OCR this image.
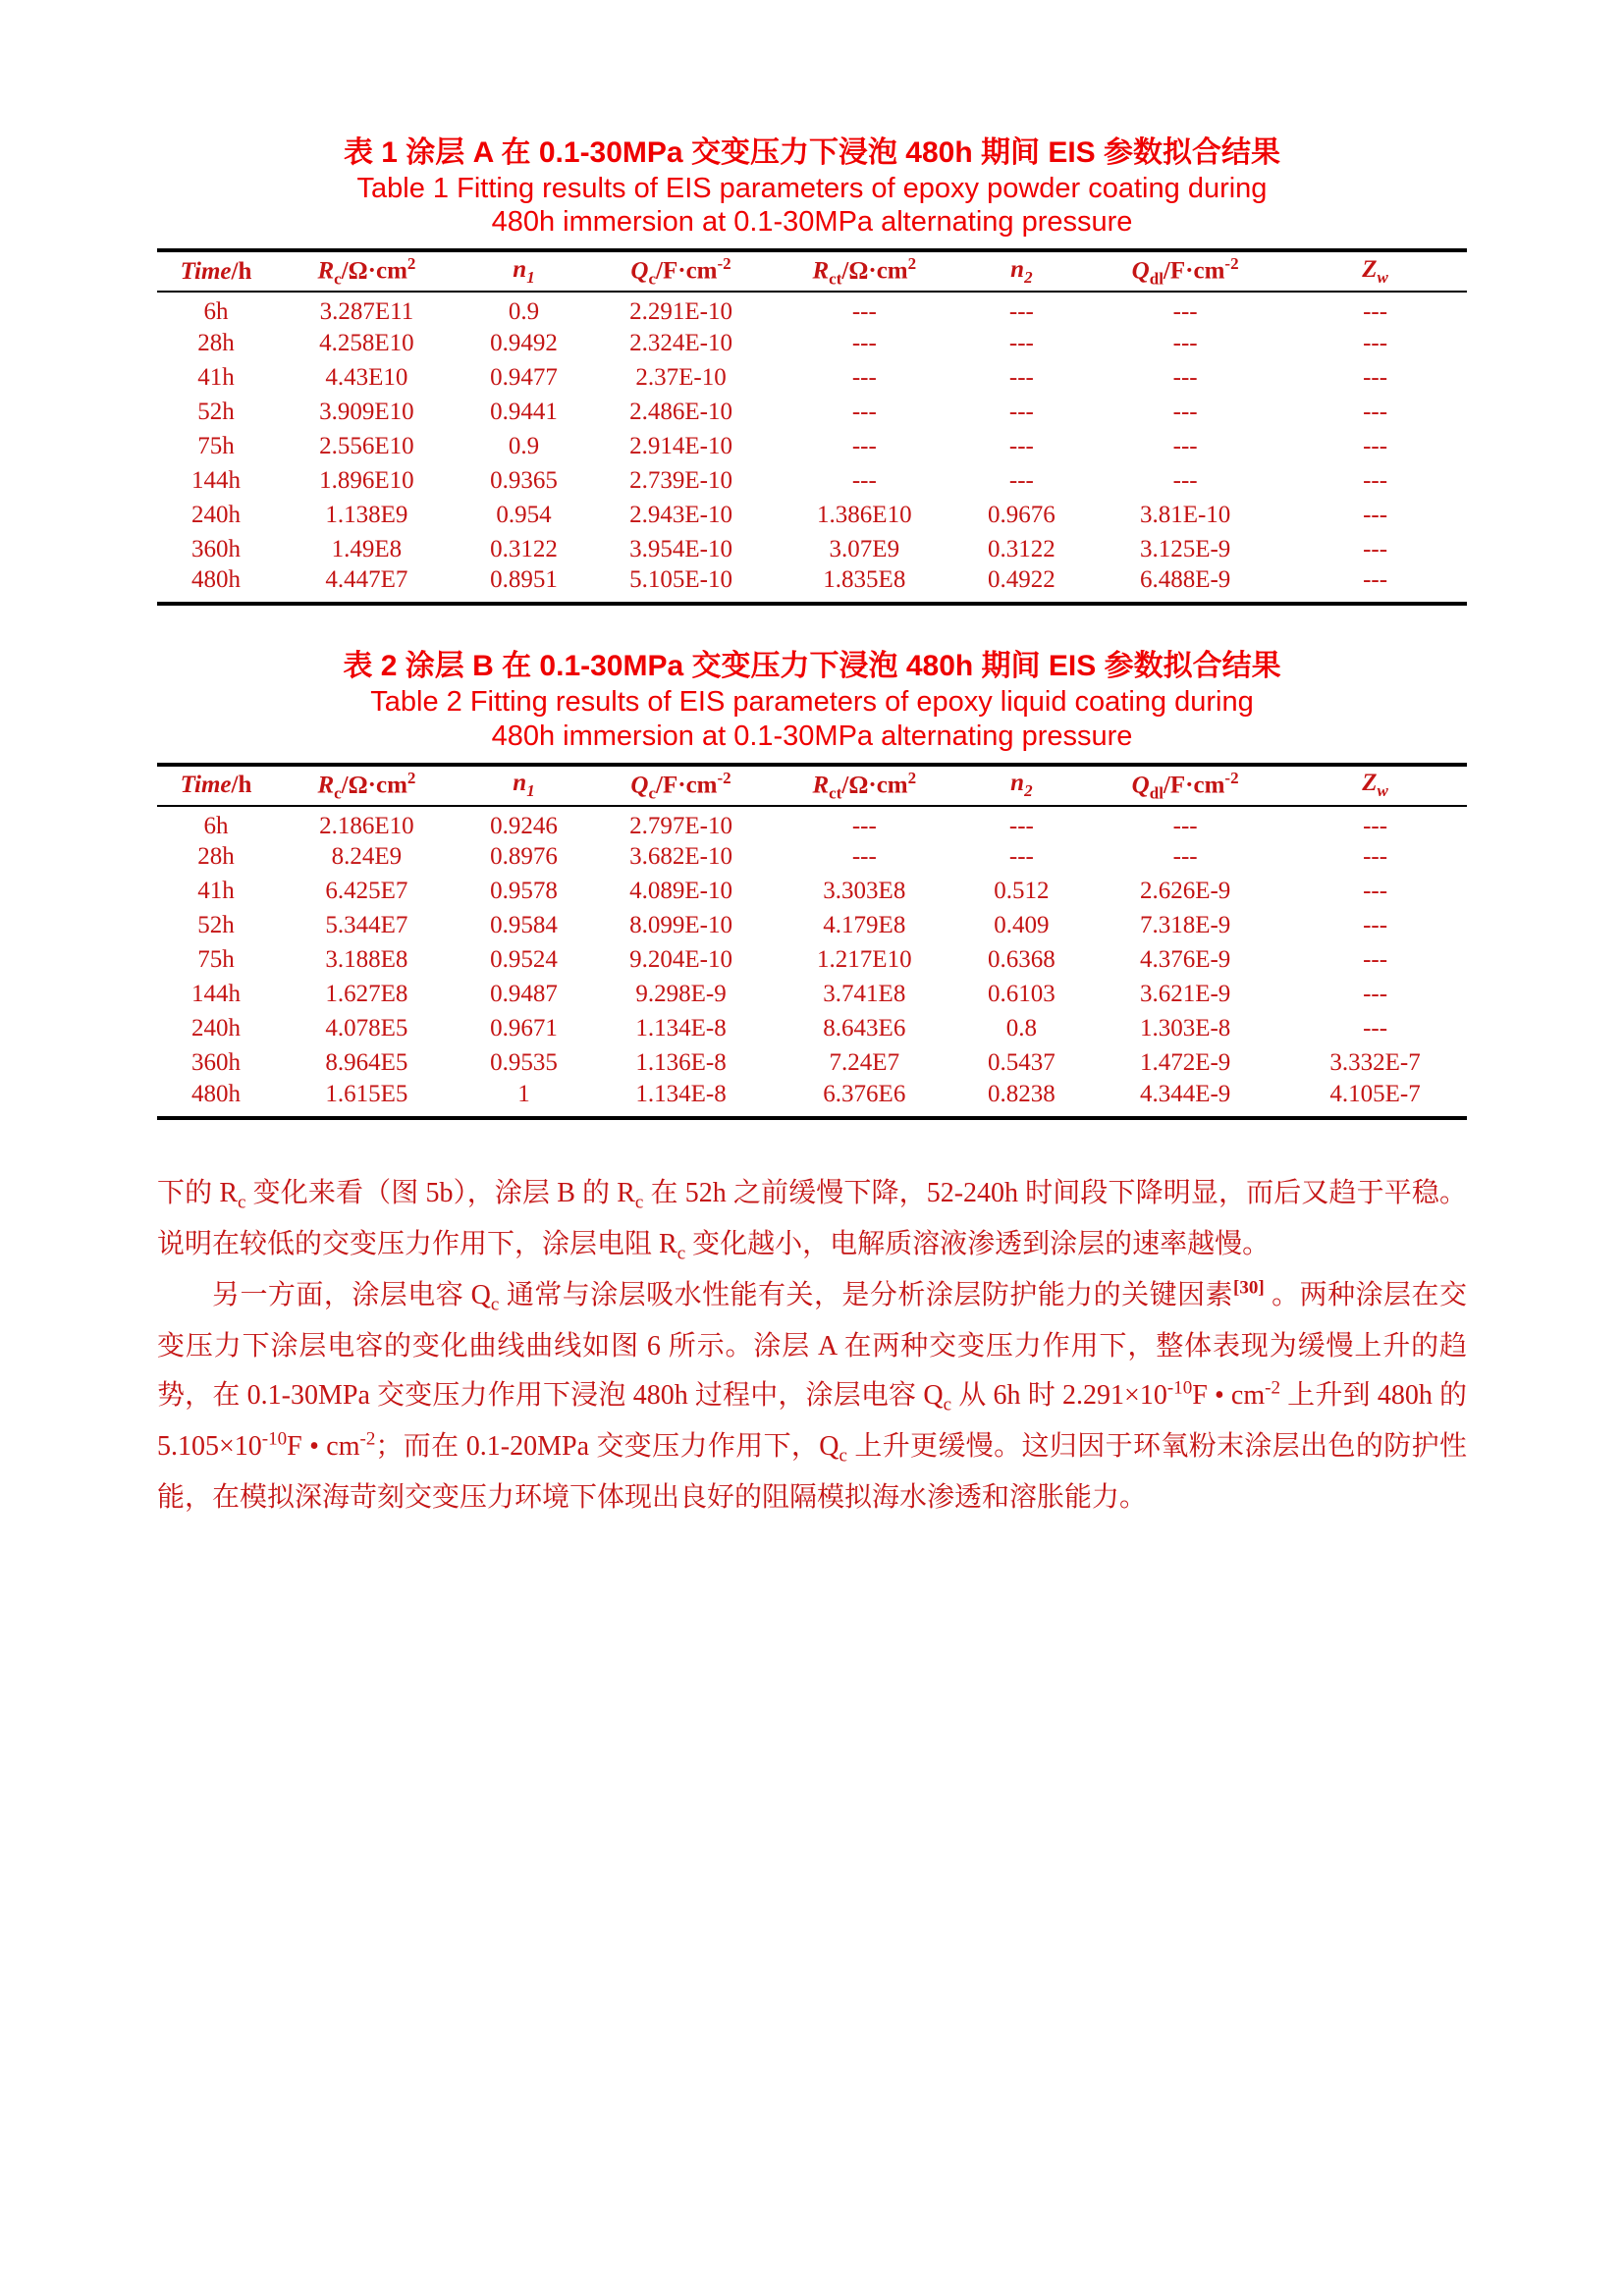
表 1 涂层 A 在 0.1-30MPa 交变压力下浸泡 480h 期间 EIS 参数拟合结果
Table 1 Fitting results of EIS parameters of epoxy powder coating during
480h immersion at 0.1-30MPa alternating pressure
Time/h	$R_c/\Omega\cdot cm^2$	$n_1$	$Q_c/F\cdot cm^{-2}$	$R_{ct}/\Omega\cdot cm^2$	$n_2$	$Q_{dl}/F\cdot cm^{-2}$	$Z_w$
6h	3.287E11	0.9	2.291E-10	---	---	---	---
28h	4.258E10	0.9492	2.324E-10	---	---	---	---
41h	4.43E10	0.9477	2.37E-10	---	---	---	---
52h	3.909E10	0.9441	2.486E-10	---	---	---	---
75h	2.556E10	0.9	2.914E-10	---	---	---	---
144h	1.896E10	0.9365	2.739E-10	---	---	---	---
240h	1.138E9	0.954	2.943E-10	1.386E10	0.9676	3.81E-10	---
360h	1.49E8	0.3122	3.954E-10	3.07E9	0.3122	3.125E-9	---
480h	4.447E7	0.8951	5.105E-10	1.835E8	0.4922	6.488E-9	---
表 2 涂层 B 在 0.1-30MPa 交变压力下浸泡 480h 期间 EIS 参数拟合结果
Table 2 Fitting results of EIS parameters of epoxy liquid coating during
480h immersion at 0.1-30MPa alternating pressure
Time/h	$R_c/\Omega\cdot cm^2$	$n_1$	$Q_c/F\cdot cm^{-2}$	$R_{ct}/\Omega\cdot cm^2$	$n_2$	$Q_{dl}/F\cdot cm^{-2}$	$Z_w$
6h	2.186E10	0.9246	2.797E-10	---	---	---	---
28h	8.24E9	0.8976	3.682E-10	---	---	---	---
41h	6.425E7	0.9578	4.089E-10	3.303E8	0.512	2.626E-9	---
52h	5.344E7	0.9584	8.099E-10	4.179E8	0.409	7.318E-9	---
75h	3.188E8	0.9524	9.204E-10	1.217E10	0.6368	4.376E-9	---
144h	1.627E8	0.9487	9.298E-9	3.741E8	0.6103	3.621E-9	---
240h	4.078E5	0.9671	1.134E-8	8.643E6	0.8	1.303E-8	---
360h	8.964E5	0.9535	1.136E-8	7.24E7	0.5437	1.472E-9	3.332E-7
480h	1.615E5	1	1.134E-8	6.376E6	0.8238	4.344E-9	4.105E-7

下的 $R_c$ 变化来看（图 5b），涂层 B 的 $R_c$ 在 52h 之前缓慢下降，52-240h 时间段下降明显，而后又趋于平稳。说明在较低的交变压力作用下，涂层电阻 $R_c$ 变化越小，电解质溶液渗透到涂层的速率越慢。

另一方面，涂层电容 $Q_c$ 通常与涂层吸水性能有关，是分析涂层防护能力的关键因素[30] 。两种涂层在交变压力下涂层电容的变化曲线曲线如图 6 所示。涂层 A 在两种交变压力作用下，整体表现为缓慢上升的趋势，在 0.1-30MPa 交变压力作用下浸泡 480h 过程中，涂层电容 $Q_c$ 从 6h 时 $2.291\times 10^{-10}F$ • $cm^{-2}$ 上升到 480h 的 $5.105\times 10^{-10}F$ • $cm^{-2}$；而在 0.1-20MPa 交变压力作用下，$Q_c$ 上升更缓慢。这归因于环氧粉末涂层出色的防护性能，在模拟深海苛刻交变压力环境下体现出良好的阻隔模拟海水渗透和溶胀能力。
